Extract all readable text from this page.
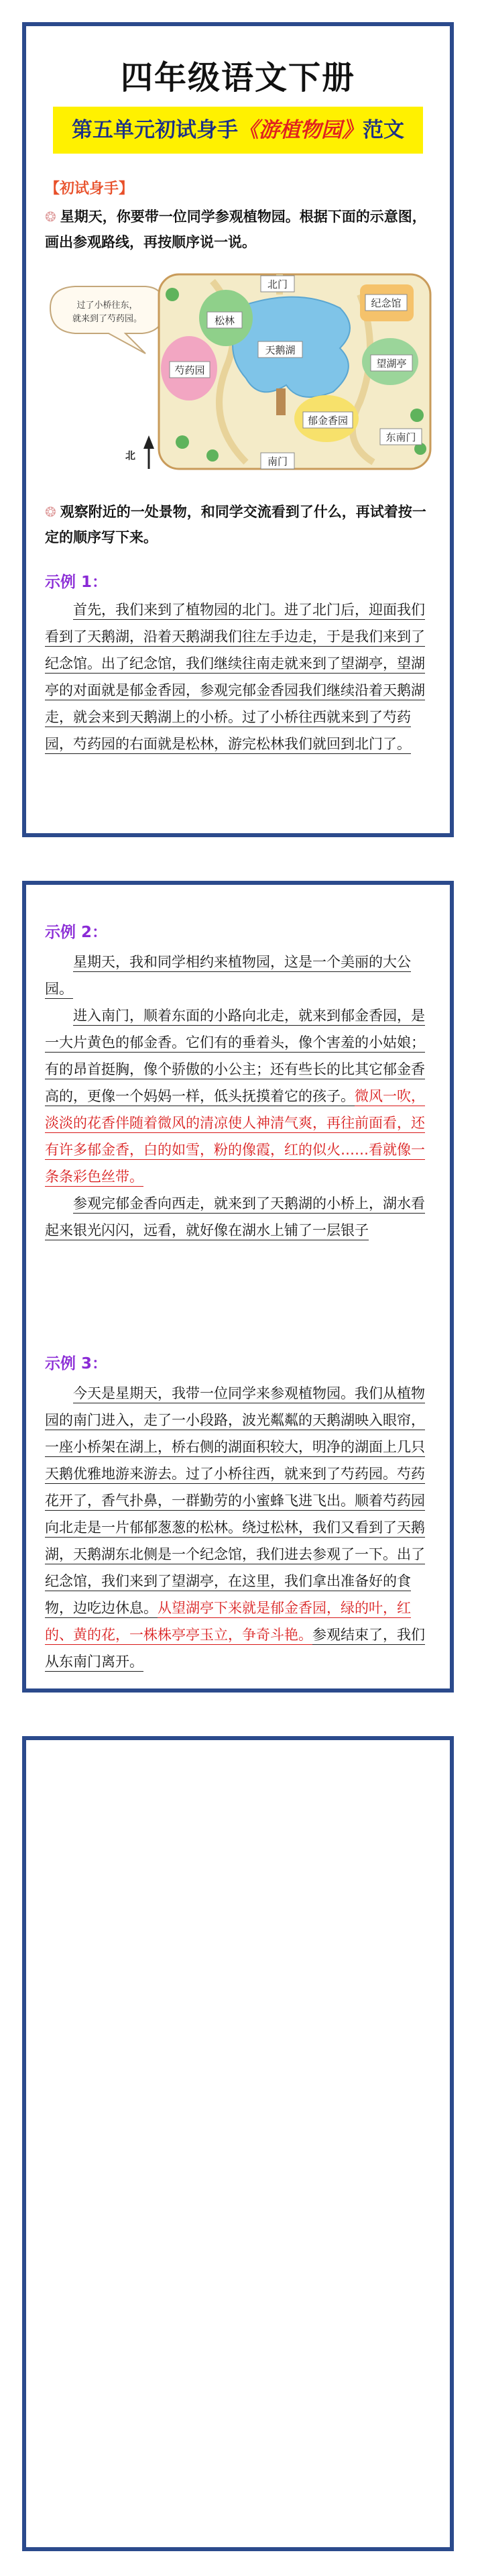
四年级语文下册
第五单元初试身手《游植物园》范文
【初试身手】
❂ 星期天，你要带一位同学参观植物园。根据下面的示意图，画出参观路线，再按顺序说一说。
过了小桥往东，
就来到了芍药园。
北门
纪念馆
松林
芍药园
天鹅湖
望湖亭
郁金香园
东南门
南门
北
❂ 观察附近的一处景物，和同学交流看到了什么，再试着按一定的顺序写下来。
示例 1：

首先，我们来到了植物园的北门。进了北门后，迎面我们看到了天鹅湖，沿着天鹅湖我们往左手边走，于是我们来到了纪念馆。出了纪念馆，我们继续往南走就来到了望湖亭，望湖亭的对面就是郁金香园，参观完郁金香园我们继续沿着天鹅湖走，就会来到天鹅湖上的小桥。过了小桥往西就来到了芍药园，芍药园的右面就是松林，游完松林我们就回到北门了。

示例 2：

星期天，我和同学相约来植物园，这是一个美丽的大公园。

进入南门，顺着东面的小路向北走，就来到郁金香园，是一大片黄色的郁金香。它们有的垂着头，像个害羞的小姑娘；有的昂首挺胸，像个骄傲的小公主；还有些长的比其它郁金香高的，更像一个妈妈一样，低头抚摸着它的孩子。微风一吹，淡淡的花香伴随着微风的清凉使人神清气爽，再往前面看，还有许多郁金香，白的如雪，粉的像霞，红的似火……看就像一条条彩色丝带。

参观完郁金香向西走，就来到了天鹅湖的小桥上，湖水看起来银光闪闪，远看，就好像在湖水上铺了一层银子

示例 3：

今天是星期天，我带一位同学来参观植物园。我们从植物园的南门进入，走了一小段路，波光粼粼的天鹅湖映入眼帘，一座小桥架在湖上，桥右侧的湖面积较大，明净的湖面上几只天鹅优雅地游来游去。过了小桥往西，就来到了芍药园。芍药花开了，香气扑鼻，一群勤劳的小蜜蜂飞进飞出。顺着芍药园向北走是一片郁郁葱葱的松林。绕过松林，我们又看到了天鹅湖，天鹅湖东北侧是一个纪念馆，我们进去参观了一下。出了纪念馆，我们来到了望湖亭，在这里，我们拿出准备好的食物，边吃边休息。从望湖亭下来就是郁金香园，绿的叶，红的、黄的花，一株株亭亭玉立，争奇斗艳。参观结束了，我们从东南门离开。
